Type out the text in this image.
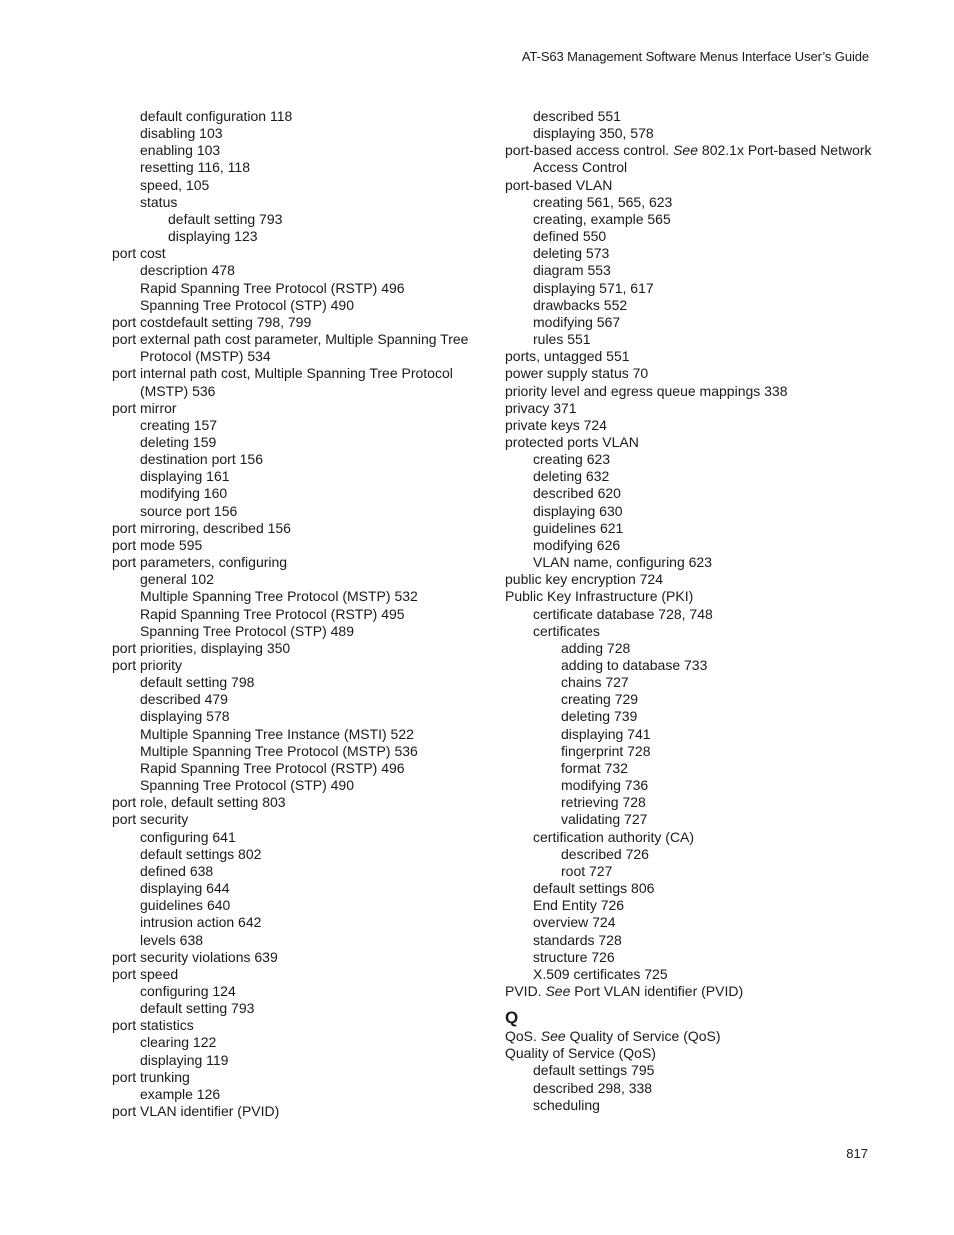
AT-S63 Management Software Menus Interface User’s Guide
default configuration 118
disabling 103
enabling 103
resetting 116, 118
speed, 105
status
default setting 793
displaying 123
port cost
description 478
Rapid Spanning Tree Protocol (RSTP) 496
Spanning Tree Protocol (STP) 490
port costdefault setting 798, 799
port external path cost parameter, Multiple Spanning Tree
Protocol (MSTP) 534
port internal path cost, Multiple Spanning Tree Protocol
(MSTP) 536
port mirror
creating 157
deleting 159
destination port 156
displaying 161
modifying 160
source port 156
port mirroring, described 156
port mode 595
port parameters, configuring
general 102
Multiple Spanning Tree Protocol (MSTP) 532
Rapid Spanning Tree Protocol (RSTP) 495
Spanning Tree Protocol (STP) 489
port priorities, displaying 350
port priority
default setting 798
described 479
displaying 578
Multiple Spanning Tree Instance (MSTI) 522
Multiple Spanning Tree Protocol (MSTP) 536
Rapid Spanning Tree Protocol (RSTP) 496
Spanning Tree Protocol (STP) 490
port role, default setting 803
port security
configuring 641
default settings 802
defined 638
displaying 644
guidelines 640
intrusion action 642
levels 638
port security violations 639
port speed
configuring 124
default setting 793
port statistics
clearing 122
displaying 119
port trunking
example 126
port VLAN identifier (PVID)
described 551
displaying 350, 578
port-based access control. See 802.1x Port-based Network
Access Control
port-based VLAN
creating 561, 565, 623
creating, example 565
defined 550
deleting 573
diagram 553
displaying 571, 617
drawbacks 552
modifying 567
rules 551
ports, untagged 551
power supply status 70
priority level and egress queue mappings 338
privacy 371
private keys 724
protected ports VLAN
creating 623
deleting 632
described 620
displaying 630
guidelines 621
modifying 626
VLAN name, configuring 623
public key encryption 724
Public Key Infrastructure (PKI)
certificate database 728, 748
certificates
adding 728
adding to database 733
chains 727
creating 729
deleting 739
displaying 741
fingerprint 728
format 732
modifying 736
retrieving 728
validating 727
certification authority (CA)
described 726
root 727
default settings 806
End Entity 726
overview 724
standards 728
structure 726
X.509 certificates 725
PVID. See Port VLAN identifier (PVID)
Q
QoS. See Quality of Service (QoS)
Quality of Service (QoS)
default settings 795
described 298, 338
scheduling
817
